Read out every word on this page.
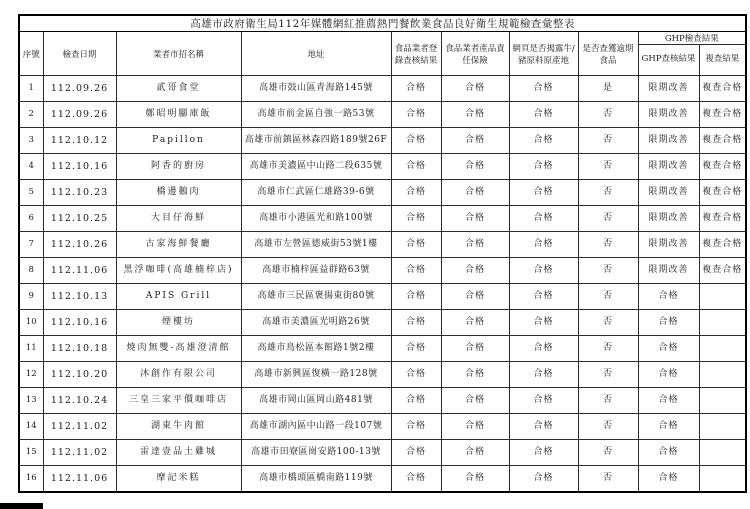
高雄市政府衛生局112年媒體網紅推薦熱門餐飲業食品良好衛生規範檢查彙整表									
序號	檢查日期	業者市招名稱	地址	食品業者登錄查核結果	食品業者產品責任保險	網頁是否揭露牛/豬原料原產地	是否查獲逾期食品	GHP檢查結果	
								GHP查核結果	複查結果
1	112.09.26	貳哥食堂	高雄市鼓山區青海路145號	合格	合格	合格	是	限期改善	複查合格
2	112.09.26	鄭昭明腳庫飯	高雄市前金區自強一路53號	合格	合格	合格	否	限期改善	複查合格
3	112.10.12	Papillon	高雄市前鎮區林森四路189號26F	合格	合格	合格	否	限期改善	複查合格
4	112.10.16	阿香的廚房	高雄市美濃區中山路二段635號	合格	合格	合格	否	限期改善	複查合格
5	112.10.23	橋邊鵝肉	高雄市仁武區仁雄路39-6號	合格	合格	合格	否	限期改善	複查合格
6	112.10.25	大目仔海鮮	高雄市小港區光和路100號	合格	合格	合格	否	限期改善	複查合格
7	112.10.26	古家海鮮餐廳	高雄市左營區德威街53號1樓	合格	合格	合格	否	限期改善	複查合格
8	112.11.06	黑浮咖啡(高雄楠梓店)	高雄市楠梓區益群路63號	合格	合格	合格	否	限期改善	複查合格
9	112.10.13	APIS Grill	高雄市三民區褒揚東街80號	合格	合格	合格	否	合格	
10	112.10.16	煙樓坊	高雄市美濃區光明路26號	合格	合格	合格	否	合格	
11	112.10.18	燒肉無雙-高雄澄清館	高雄市鳥松區本館路1號2樓	合格	合格	合格	否	合格	
12	112.10.20	沐創作有限公司	高雄市新興區復橫一路128號	合格	合格	合格	否	合格	
13	112.10.24	三皇三家平價咖啡店	高雄市岡山區岡山路481號	合格	合格	合格	否	合格	
14	112.11.02	湖東牛肉館	高雄市湖內區中山路一段107號	合格	合格	合格	否	合格	
15	112.11.02	雷達壹品土雞城	高雄市田寮區崗安路100-13號	合格	合格	合格	否	合格	
16	112.11.06	摩記米糕	高雄市橋頭區橋南路119號	合格	合格	合格	否	合格	
